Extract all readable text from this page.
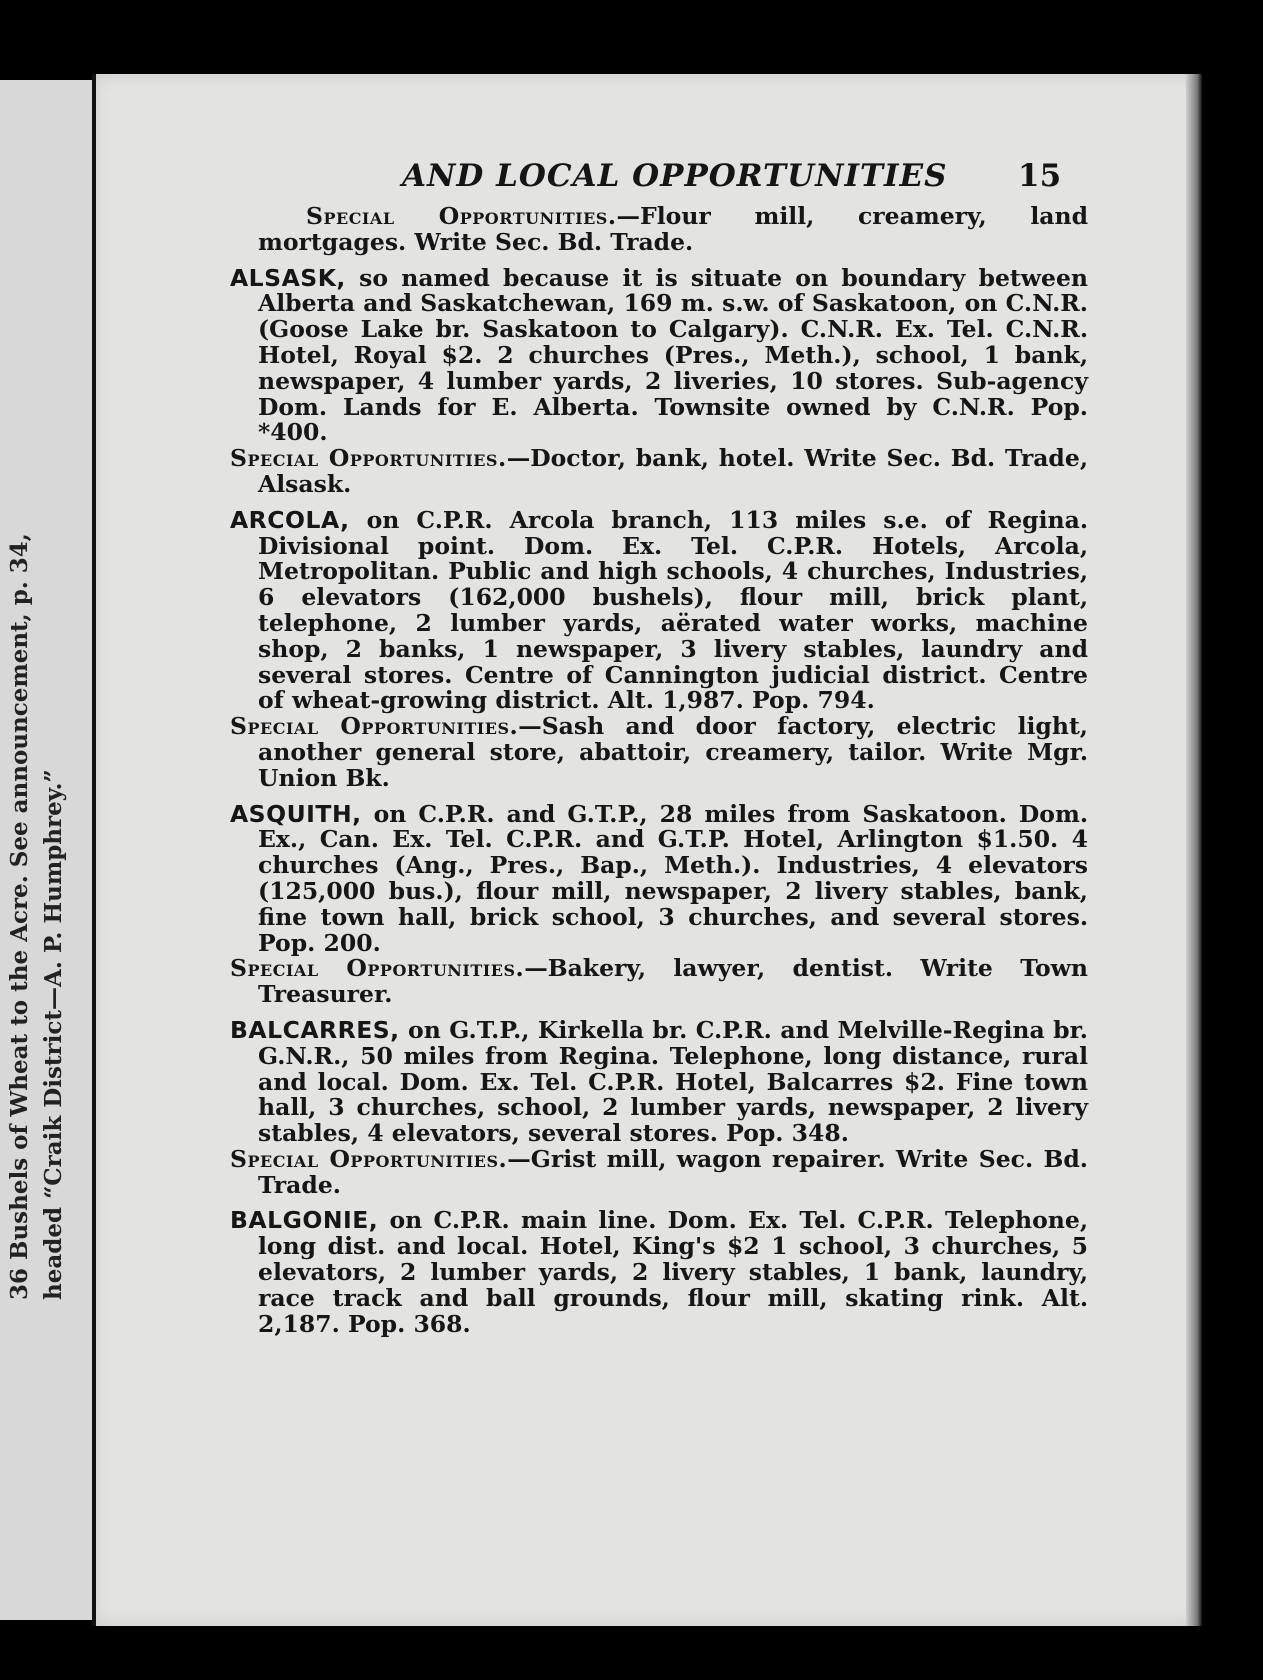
36 Bushels of Wheat to the Acre. See announcement, p. 34, headed “Craik District—A. P. Humphrey.”
AND LOCAL OPPORTUNITIES	15

Special Opportunities.—Flour mill, creamery, land mortgages. Write Sec. Bd. Trade.

ALSASK, so named because it is situate on boundary between Alberta and Saskatchewan, 169 m. s.w. of Saskatoon, on C.N.R. (Goose Lake br. Saskatoon to Calgary). C.N.R. Ex. Tel. C.N.R. Hotel, Royal $2. 2 churches (Pres., Meth.), school, 1 bank, newspaper, 4 lumber yards, 2 liveries, 10 stores. Sub-agency Dom. Lands for E. Alberta. Townsite owned by C.N.R. Pop. *400.

Special Opportunities.—Doctor, bank, hotel. Write Sec. Bd. Trade, Alsask.

ARCOLA, on C.P.R. Arcola branch, 113 miles s.e. of Regina. Divisional point. Dom. Ex. Tel. C.P.R. Hotels, Arcola, Metropolitan. Public and high schools, 4 churches, Industries, 6 elevators (162,000 bushels), flour mill, brick plant, telephone, 2 lumber yards, aërated water works, machine shop, 2 banks, 1 newspaper, 3 livery stables, laundry and several stores. Centre of Cannington judicial district. Centre of wheat-growing district. Alt. 1,987. Pop. 794.

Special Opportunities.—Sash and door factory, electric light, another general store, abattoir, creamery, tailor. Write Mgr. Union Bk.

ASQUITH, on C.P.R. and G.T.P., 28 miles from Saskatoon. Dom. Ex., Can. Ex. Tel. C.P.R. and G.T.P. Hotel, Arlington $1.50. 4 churches (Ang., Pres., Bap., Meth.). Industries, 4 elevators (125,000 bus.), flour mill, newspaper, 2 livery stables, bank, fine town hall, brick school, 3 churches, and several stores. Pop. 200.

Special Opportunities.—Bakery, lawyer, dentist. Write Town Treasurer.

BALCARRES, on G.T.P., Kirkella br. C.P.R. and Melville-Regina br. G.N.R., 50 miles from Regina. Telephone, long distance, rural and local. Dom. Ex. Tel. C.P.R. Hotel, Balcarres $2. Fine town hall, 3 churches, school, 2 lumber yards, newspaper, 2 livery stables, 4 elevators, several stores. Pop. 348.

Special Opportunities.—Grist mill, wagon repairer. Write Sec. Bd. Trade.

BALGONIE, on C.P.R. main line. Dom. Ex. Tel. C.P.R. Telephone, long dist. and local. Hotel, King's $2 1 school, 3 churches, 5 elevators, 2 lumber yards, 2 livery stables, 1 bank, laundry, race track and ball grounds, flour mill, skating rink. Alt. 2,187. Pop. 368.
